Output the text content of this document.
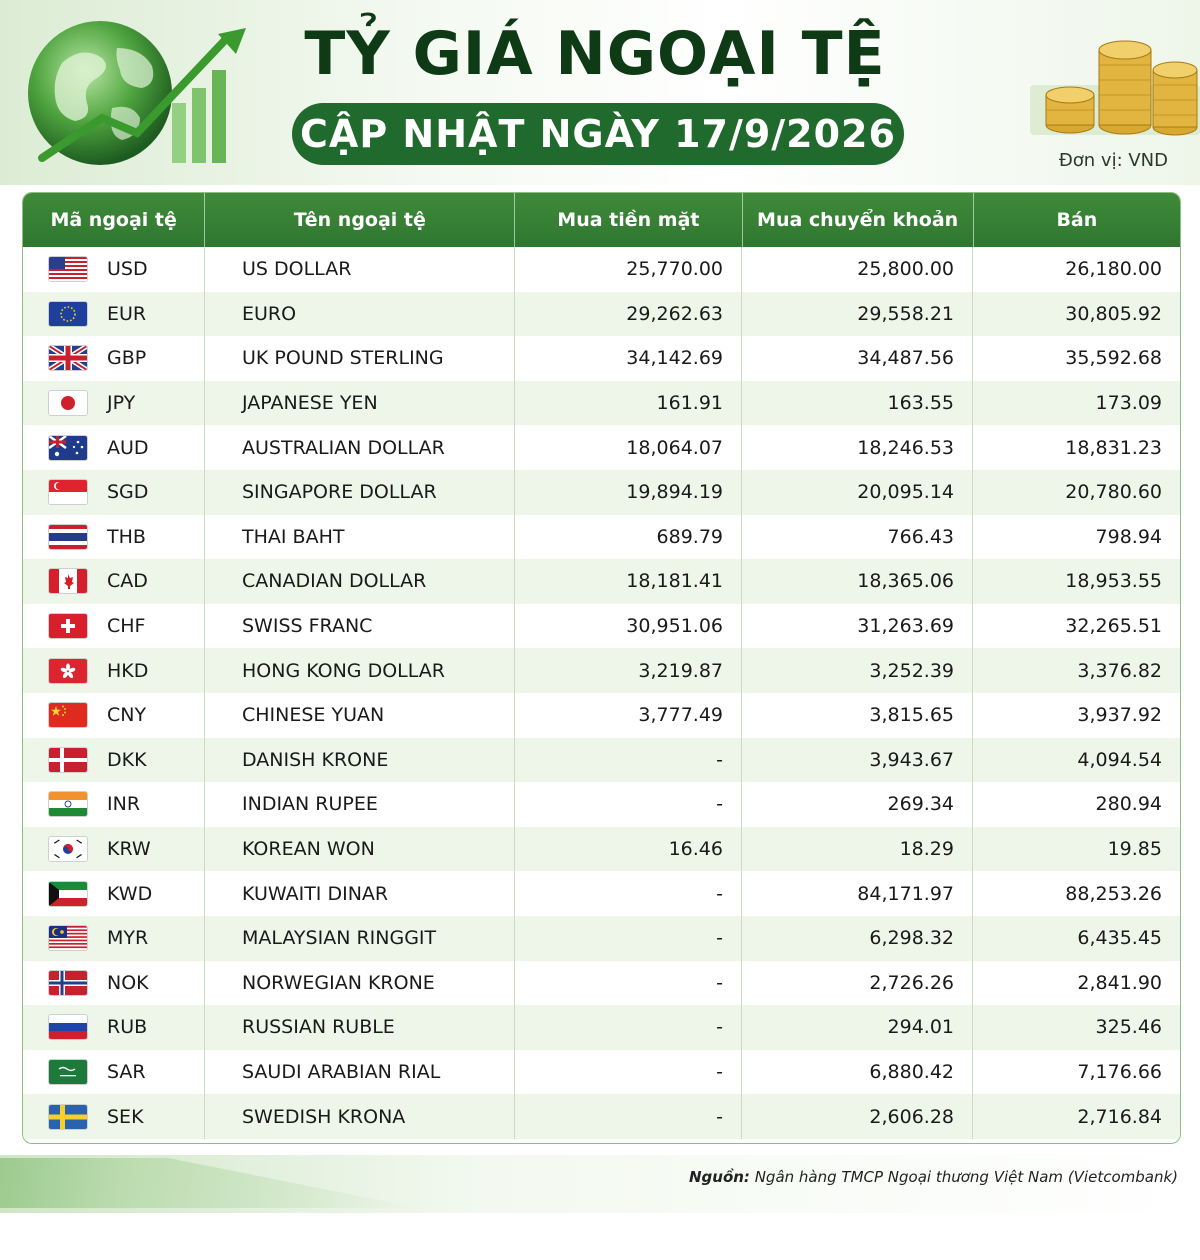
TỶ GIÁ NGOẠI TỆ
CẬP NHẬT NGÀY 17/9/2026
Đơn vị: VND
Mã ngoại tệ	Tên ngoại tệ	Mua tiền mặt	Mua chuyển khoản	Bán
USD	US DOLLAR	25,770.00	25,800.00	26,180.00
EUR	EURO	29,262.63	29,558.21	30,805.92
GBP	UK POUND STERLING	34,142.69	34,487.56	35,592.68
JPY	JAPANESE YEN	161.91	163.55	173.09
AUD	AUSTRALIAN DOLLAR	18,064.07	18,246.53	18,831.23
SGD	SINGAPORE DOLLAR	19,894.19	20,095.14	20,780.60
THB	THAI BAHT	689.79	766.43	798.94
CAD	CANADIAN DOLLAR	18,181.41	18,365.06	18,953.55
CHF	SWISS FRANC	30,951.06	31,263.69	32,265.51
HKD	HONG KONG DOLLAR	3,219.87	3,252.39	3,376.82
CNY	CHINESE YUAN	3,777.49	3,815.65	3,937.92
DKK	DANISH KRONE	-	3,943.67	4,094.54
INR	INDIAN RUPEE	-	269.34	280.94
KRW	KOREAN WON	16.46	18.29	19.85
KWD	KUWAITI DINAR	-	84,171.97	88,253.26
MYR	MALAYSIAN RINGGIT	-	6,298.32	6,435.45
NOK	NORWEGIAN KRONE	-	2,726.26	2,841.90
RUB	RUSSIAN RUBLE	-	294.01	325.46
SAR	SAUDI ARABIAN RIAL	-	6,880.42	7,176.66
SEK	SWEDISH KRONA	-	2,606.28	2,716.84
Nguồn: Ngân hàng TMCP Ngoại thương Việt Nam (Vietcombank)
